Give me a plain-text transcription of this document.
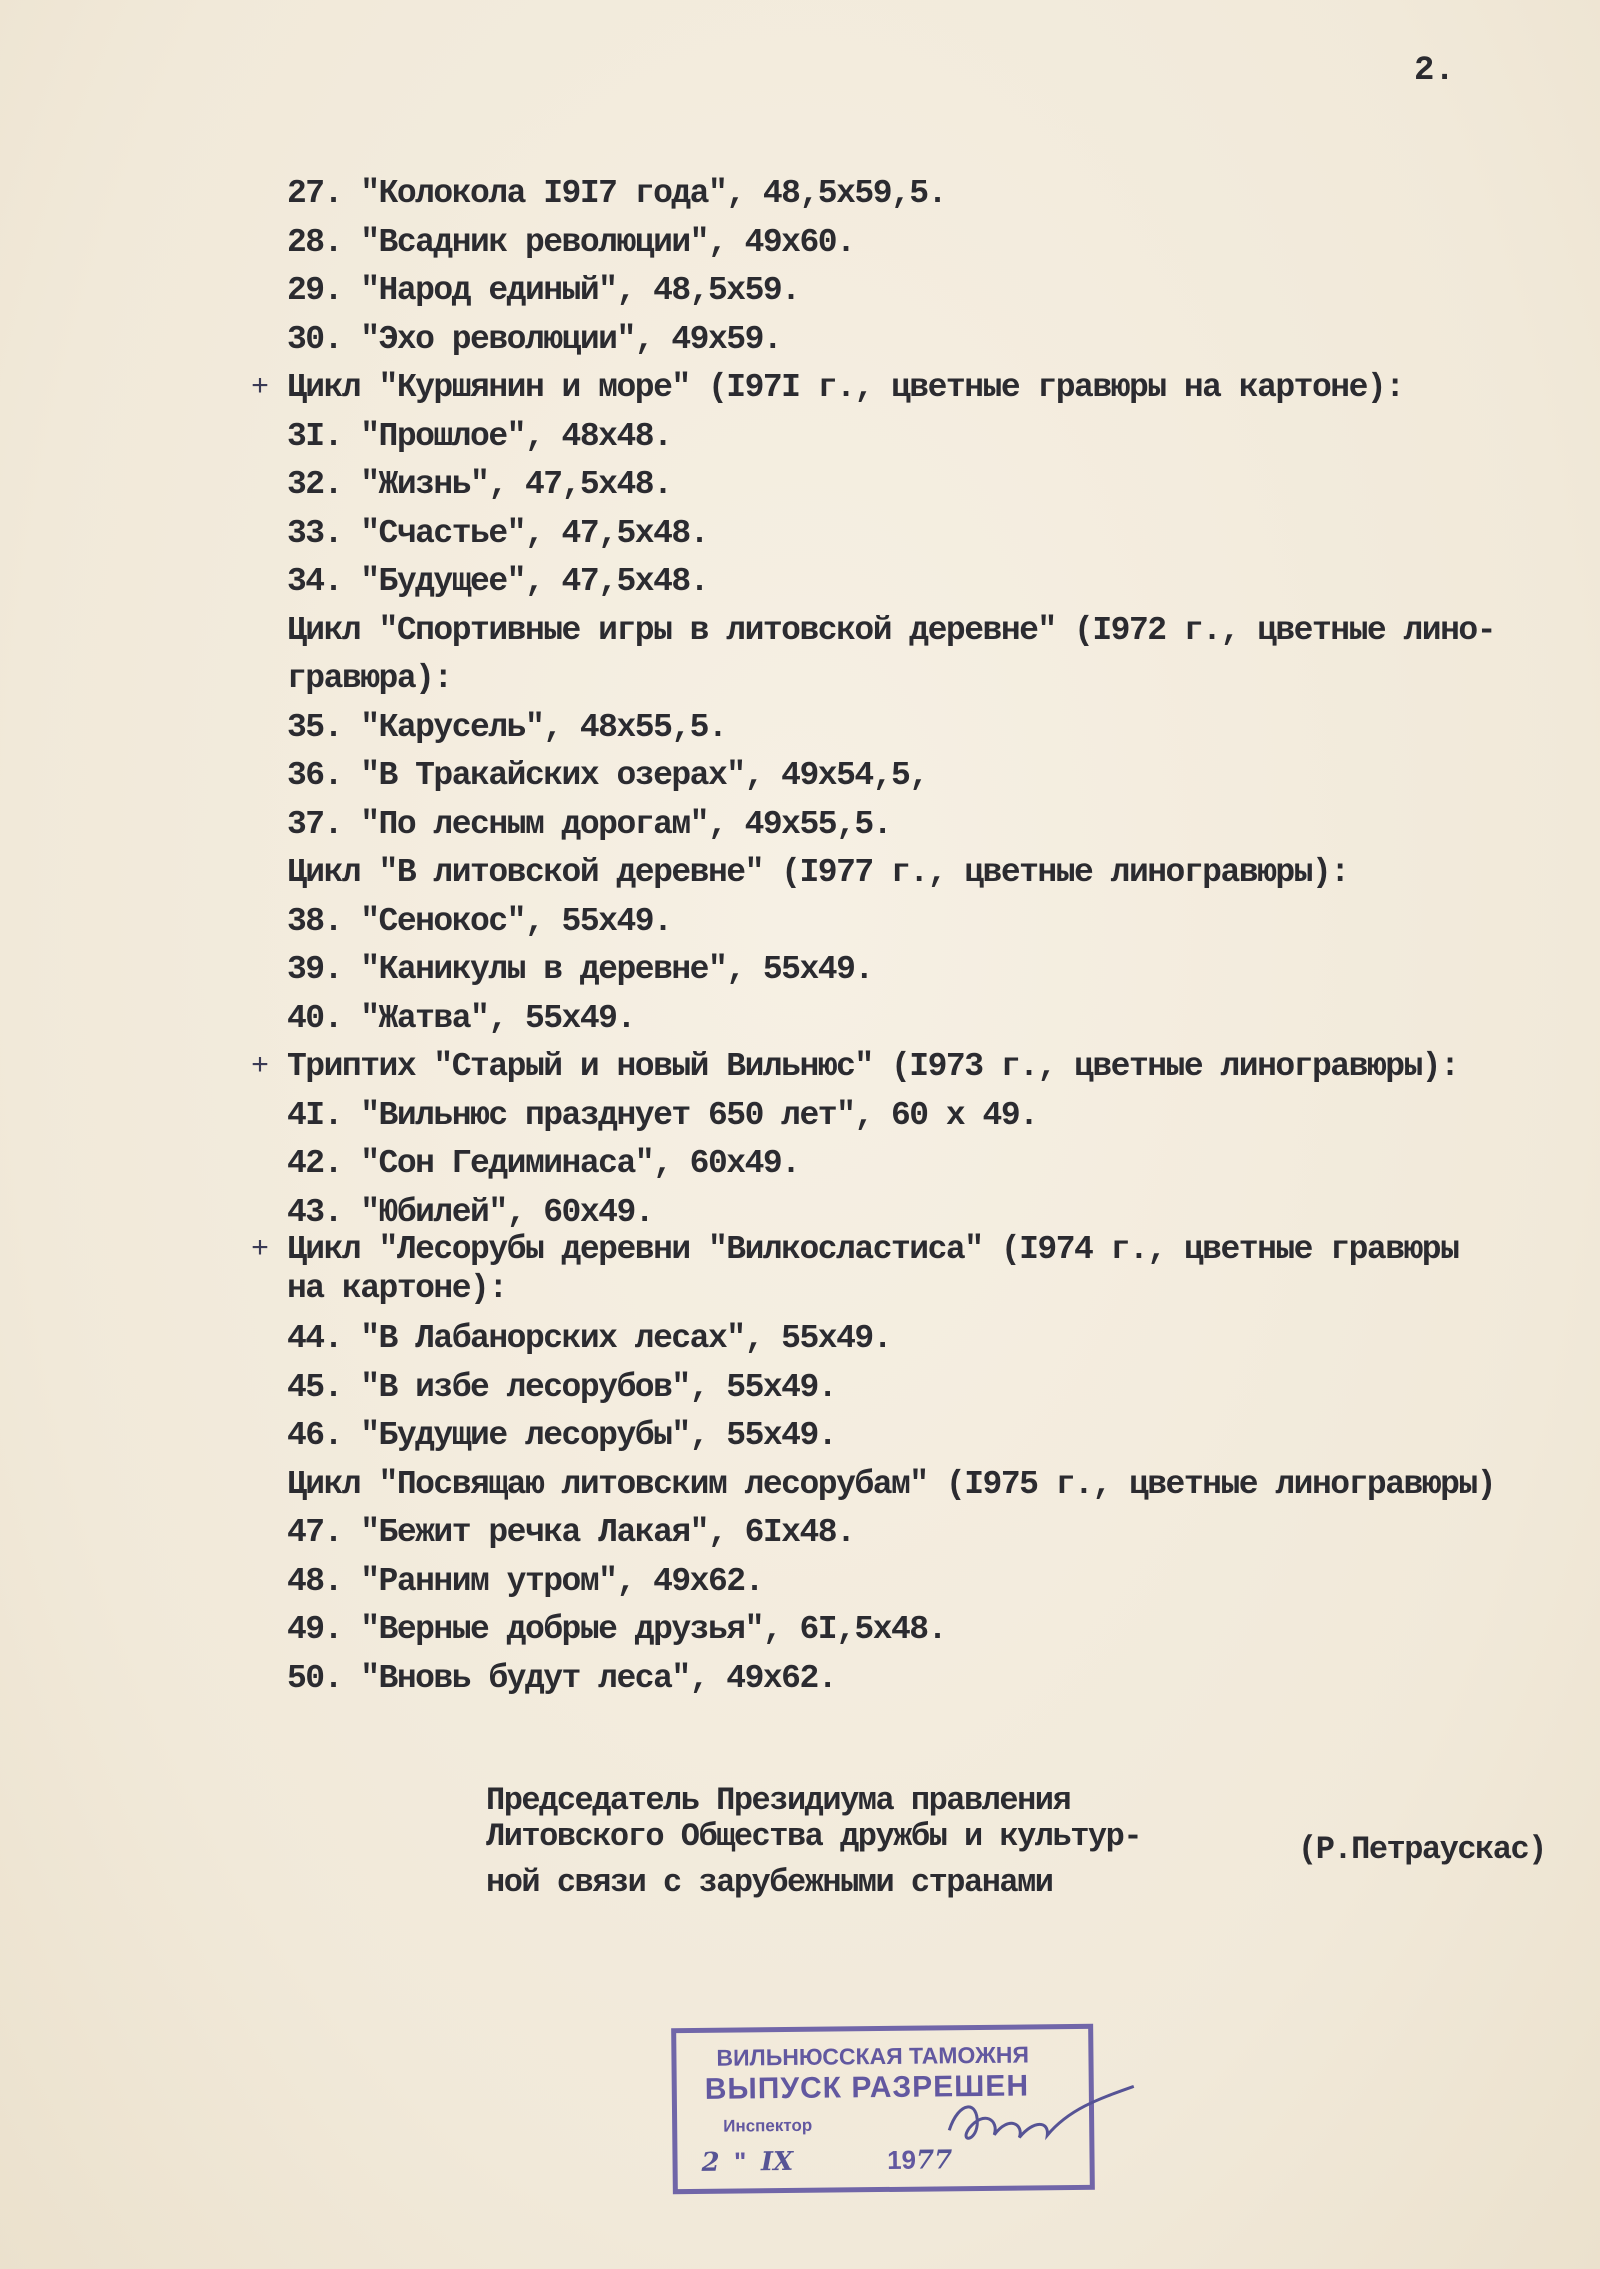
2.
27. "Колокола I9I7 года", 48,5х59,5.
28. "Всадник революции", 49х60.
29. "Народ единый", 48,5х59.
30. "Эхо революции", 49х59.
Цикл "Куршянин и море" (I97I г., цветные гравюры на картоне):
+
3I. "Прошлое", 48х48.
32. "Жизнь", 47,5х48.
33. "Счастье", 47,5х48.
34. "Будущее", 47,5х48.
Цикл "Спортивные игры в литовской деревне" (I972 г., цветные лино-
гравюра):
35. "Карусель", 48х55,5.
36. "В Тракайских озерах", 49х54,5,
37. "По лесным дорогам", 49х55,5.
Цикл "В литовской деревне" (I977 г., цветные линогравюры):
38. "Сенокос", 55х49.
39. "Каникулы в деревне", 55х49.
40. "Жатва", 55х49.
Триптих "Старый и новый Вильнюс" (I973 г., цветные линогравюры):
+
4I. "Вильнюс празднует 650 лет", 60 х 49.
42. "Сон Гедиминаса", 60х49.
43. "Юбилей", 60х49.
Цикл "Лесорубы деревни "Вилкосластиса" (I974 г., цветные гравюры
+
на картоне):
44. "В Лабанорских лесах", 55х49.
45. "В избе лесорубов", 55х49.
46. "Будущие лесорубы", 55х49.
Цикл "Посвящаю литовским лесорубам" (I975 г., цветные линогравюры)
47. "Бежит речка Лакая", 6Iх48.
48. "Ранним утром", 49х62.
49. "Верные добрые друзья", 6I,5х48.
50. "Вновь будут леса", 49х62.
Председатель Президиума правления
Литовского Общества дружбы и культур-
ной связи с зарубежными странами
(Р.Петраускас)
ВИЛЬНЮССКАЯ ТАМОЖНЯ
ВЫПУСК РАЗРЕШЕН
Инспектор
2  "  IX	1977
